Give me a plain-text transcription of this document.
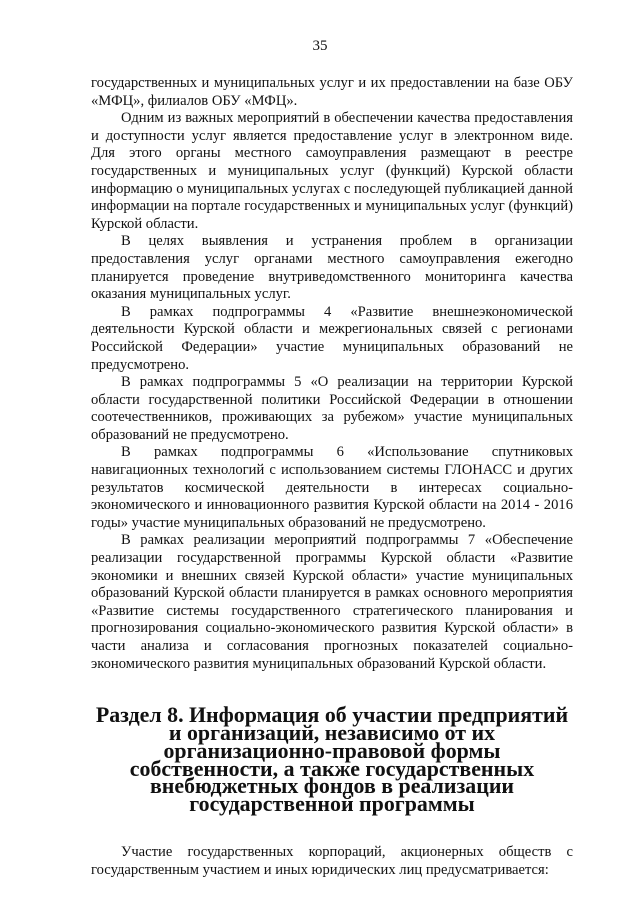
35

государственных и муниципальных услуг и их предоставлении на базе ОБУ «МФЦ», филиалов ОБУ «МФЦ».

Одним из важных мероприятий в обеспечении качества предоставления и доступности услуг является предоставление услуг в электронном виде. Для этого органы местного самоуправления размещают в реестре государственных и муниципальных услуг (функций) Курской области информацию о муниципальных услугах с последующей публикацией данной информации на портале государственных и муниципальных услуг (функций) Курской области.

В целях выявления и устранения проблем в организации предоставления услуг органами местного самоуправления ежегодно планируется проведение внутриведомственного мониторинга качества оказания муниципальных услуг.

В рамках подпрограммы 4 «Развитие внешнеэкономической деятельности Курской области и межрегиональных связей с регионами Российской Федерации» участие муниципальных образований не предусмотрено.

В рамках подпрограммы 5 «О реализации на территории Курской области государственной политики Российской Федерации в отношении соотечественников, проживающих за рубежом» участие муниципальных образований не предусмотрено.

В рамках подпрограммы 6 «Использование спутниковых навигационных технологий с использованием системы ГЛОНАСС и других результатов космической деятельности в интересах социально-экономического и инновационного развития Курской области на 2014 - 2016 годы» участие муниципальных образований не предусмотрено.

В рамках реализации мероприятий подпрограммы 7 «Обеспечение реализации государственной программы Курской области «Развитие экономики и внешних связей Курской области» участие муниципальных образований Курской области планируется в рамках основного мероприятия «Развитие системы государственного стратегического планирования и прогнозирования социально-экономического развития Курской области» в части анализа и согласования прогнозных показателей социально-экономического развития муниципальных образований Курской области.

Раздел 8. Информация об участии предприятий и организаций, независимо от их организационно-правовой формы собственности, а также государственных внебюджетных фондов в реализации государственной программы

Участие государственных корпораций, акционерных обществ с государственным участием и иных юридических лиц предусматривается:
